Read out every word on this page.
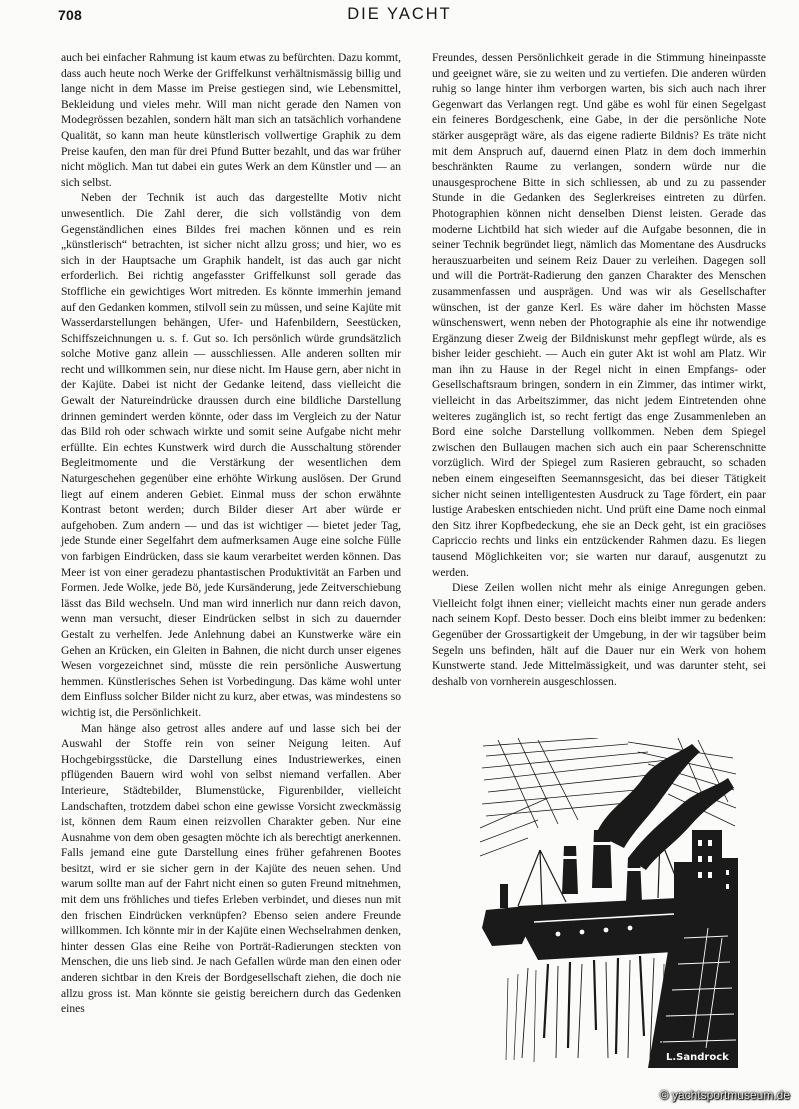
708	DIE YACHT

auch bei einfacher Rahmung ist kaum etwas zu befürchten. Dazu kommt, dass auch heute noch Werke der Griffelkunst verhältnismässig billig und lange nicht in dem Masse im Preise gestiegen sind, wie Lebensmittel, Bekleidung und vieles mehr. Will man nicht gerade den Namen von Modegrössen bezahlen, sondern hält man sich an tatsächlich vorhandene Qualität, so kann man heute künstlerisch vollwertige Graphik zu dem Preise kaufen, den man für drei Pfund Butter bezahlt, und das war früher nicht möglich. Man tut dabei ein gutes Werk an dem Künstler und — an sich selbst.

Neben der Technik ist auch das dargestellte Motiv nicht unwesentlich. Die Zahl derer, die sich vollständig von dem Gegenständlichen eines Bildes frei machen können und es rein „künstlerisch“ betrachten, ist sicher nicht allzu gross; und hier, wo es sich in der Hauptsache um Graphik handelt, ist das auch gar nicht erforderlich. Bei richtig angefasster Griffelkunst soll gerade das Stoffliche ein gewichtiges Wort mitreden. Es könnte immerhin jemand auf den Gedanken kommen, stilvoll sein zu müssen, und seine Kajüte mit Wasserdarstellungen behängen, Ufer- und Hafenbildern, Seestücken, Schiffszeichnungen u. s. f. Gut so. Ich persönlich würde grundsätzlich solche Motive ganz allein — ausschliessen. Alle anderen sollten mir recht und willkommen sein, nur diese nicht. Im Hause gern, aber nicht in der Kajüte. Dabei ist nicht der Gedanke leitend, dass vielleicht die Gewalt der Natureindrücke draussen durch eine bildliche Darstellung drinnen gemindert werden könnte, oder dass im Vergleich zu der Natur das Bild roh oder schwach wirkte und somit seine Aufgabe nicht mehr erfüllte. Ein echtes Kunstwerk wird durch die Ausschaltung störender Begleitmomente und die Verstärkung der wesentlichen dem Naturgeschehen gegenüber eine erhöhte Wirkung auslösen. Der Grund liegt auf einem anderen Gebiet. Einmal muss der schon erwähnte Kontrast betont werden; durch Bilder dieser Art aber würde er aufgehoben. Zum andern — und das ist wichtiger — bietet jeder Tag, jede Stunde einer Segelfahrt dem aufmerksamen Auge eine solche Fülle von farbigen Eindrücken, dass sie kaum verarbeitet werden können. Das Meer ist von einer geradezu phantastischen Produktivität an Farben und Formen. Jede Wolke, jede Bö, jede Kursänderung, jede Zeitverschiebung lässt das Bild wechseln. Und man wird innerlich nur dann reich davon, wenn man versucht, dieser Eindrücken selbst in sich zu dauernder Gestalt zu verhelfen. Jede Anlehnung dabei an Kunstwerke wäre ein Gehen an Krücken, ein Gleiten in Bahnen, die nicht durch unser eigenes Wesen vorgezeichnet sind, müsste die rein persönliche Auswertung hemmen. Künstlerisches Sehen ist Vorbedingung. Das käme wohl unter dem Einfluss solcher Bilder nicht zu kurz, aber etwas, was mindestens so wichtig ist, die Persönlichkeit.

Man hänge also getrost alles andere auf und lasse sich bei der Auswahl der Stoffe rein von seiner Neigung leiten. Auf Hochgebirgsstücke, die Darstellung eines Industriewerkes, einen pflügenden Bauern wird wohl von selbst niemand verfallen. Aber Interieure, Städtebilder, Blumenstücke, Figurenbilder, vielleicht Landschaften, trotzdem dabei schon eine gewisse Vorsicht zweckmässig ist, können dem Raum einen reizvollen Charakter geben. Nur eine Ausnahme von dem oben gesagten möchte ich als berechtigt anerkennen. Falls jemand eine gute Darstellung eines früher gefahrenen Bootes besitzt, wird er sie sicher gern in der Kajüte des neuen sehen. Und warum sollte man auf der Fahrt nicht einen so guten Freund mitnehmen, mit dem uns fröhliches und tiefes Erleben verbindet, und dieses nun mit den frischen Eindrücken verknüpfen? Ebenso seien andere Freunde willkommen. Ich könnte mir in der Kajüte einen Wechselrahmen denken, hinter dessen Glas eine Reihe von Porträt-Radierungen steckten von Menschen, die uns lieb sind. Je nach Gefallen würde man den einen oder anderen sichtbar in den Kreis der Bordgesellschaft ziehen, die doch nie allzu gross ist. Man könnte sie geistig bereichern durch das Gedenken eines

Freundes, dessen Persönlichkeit gerade in die Stimmung hineinpasste und geeignet wäre, sie zu weiten und zu vertiefen. Die anderen würden ruhig so lange hinter ihm verborgen warten, bis sich auch nach ihrer Gegenwart das Verlangen regt. Und gäbe es wohl für einen Segelgast ein feineres Bordgeschenk, eine Gabe, in der die persönliche Note stärker ausgeprägt wäre, als das eigene radierte Bildnis? Es träte nicht mit dem Anspruch auf, dauernd einen Platz in dem doch immerhin beschränkten Raume zu verlangen, sondern würde nur die unausgesprochene Bitte in sich schliessen, ab und zu zu passender Stunde in die Gedanken des Seglerkreises eintreten zu dürfen. Photographien können nicht denselben Dienst leisten. Gerade das moderne Lichtbild hat sich wieder auf die Aufgabe besonnen, die in seiner Technik begründet liegt, nämlich das Momentane des Ausdrucks herauszuarbeiten und seinem Reiz Dauer zu verleihen. Dagegen soll und will die Porträt-Radierung den ganzen Charakter des Menschen zusammenfassen und ausprägen. Und was wir als Gesellschafter wünschen, ist der ganze Kerl. Es wäre daher im höchsten Masse wünschenswert, wenn neben der Photographie als eine ihr notwendige Ergänzung dieser Zweig der Bildniskunst mehr gepflegt würde, als es bisher leider geschieht. — Auch ein guter Akt ist wohl am Platz. Wir man ihn zu Hause in der Regel nicht in einen Empfangs- oder Gesellschaftsraum bringen, sondern in ein Zimmer, das intimer wirkt, vielleicht in das Arbeitszimmer, das nicht jedem Eintretenden ohne weiteres zugänglich ist, so recht fertigt das enge Zusammenleben an Bord eine solche Darstellung vollkommen. Neben dem Spiegel zwischen den Bullaugen machen sich auch ein paar Scherenschnitte vorzüglich. Wird der Spiegel zum Rasieren gebraucht, so schaden neben einem eingeseiften Seemannsgesicht, das bei dieser Tätigkeit sicher nicht seinen intelligentesten Ausdruck zu Tage fördert, ein paar lustige Arabesken entschieden nicht. Und prüft eine Dame noch einmal den Sitz ihrer Kopfbedeckung, ehe sie an Deck geht, ist ein graciöses Capriccio rechts und links ein entzückender Rahmen dazu. Es liegen tausend Möglichkeiten vor; sie warten nur darauf, ausgenutzt zu werden.

Diese Zeilen wollen nicht mehr als einige Anregungen geben. Vielleicht folgt ihnen einer; vielleicht machts einer nun gerade anders nach seinem Kopf. Desto besser. Doch eins bleibt immer zu bedenken: Gegenüber der Grossartigkeit der Umgebung, in der wir tagsüber beim Segeln uns befinden, hält auf die Dauer nur ein Werk von hohem Kunstwerte stand. Jede Mittelmässigkeit, und was darunter steht, sei deshalb von vornherein ausgeschlossen.

L.Sandrock
© yachtsportmuseum.de
